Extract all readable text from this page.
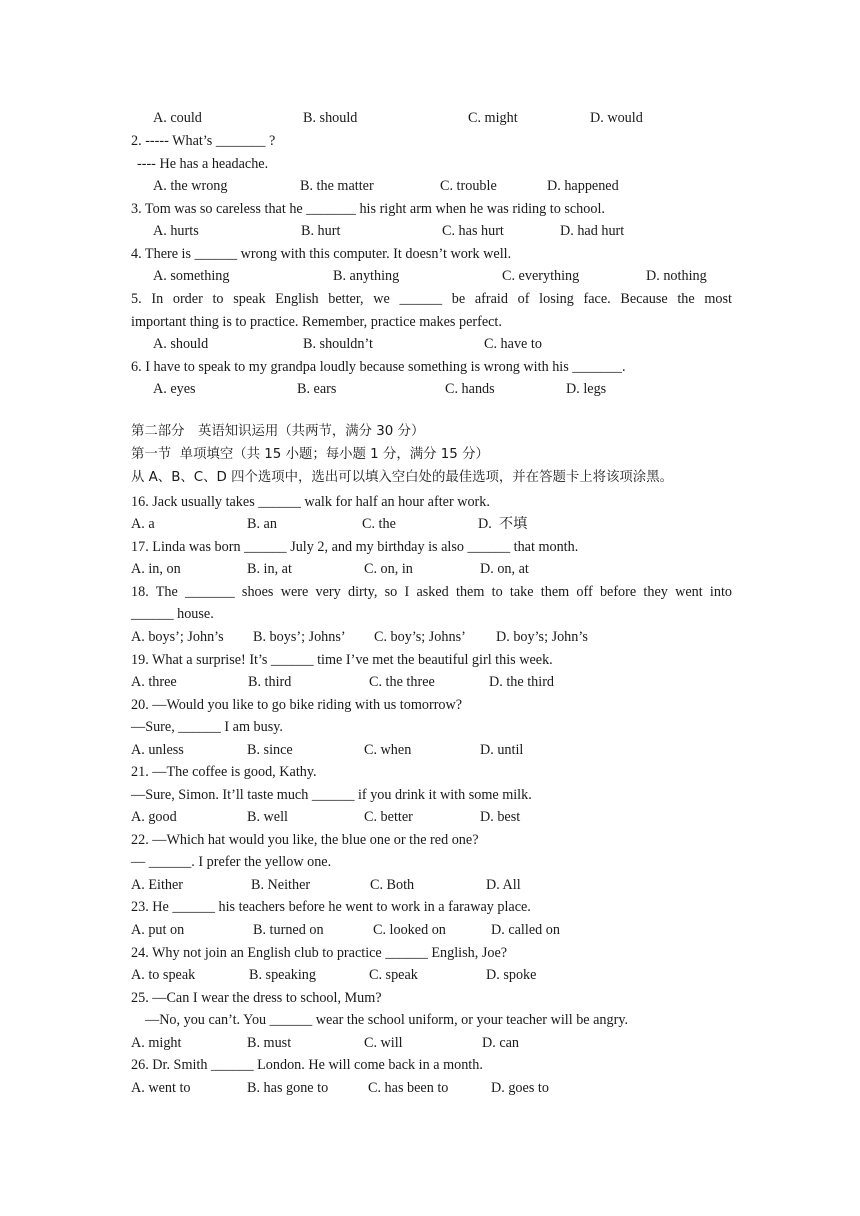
A. could	B. should	C. might	D. would
2. ----- What’s _______ ?
---- He has a headache.
A. the wrong	B. the matter	C. trouble	D. happened
3. Tom was so careless that he _______ his right arm when he was riding to school.
A. hurts	B. hurt	C. has hurt	D. had hurt
4. There is ______ wrong with this computer. It doesn’t work well.
A. something	B. anything	C. everything	D. nothing
5. In order to speak English better, we ______ be afraid of losing face. Because the most
important thing is to practice. Remember, practice makes perfect.
A. should	B. shouldn’t	C. have to
6. I have to speak to my grandpa loudly because something is wrong with his _______.
A. eyes	B. ears	C. hands	D. legs
第二部分　英语知识运用（共两节，满分 30 分）
第一节  单项填空（共 15 小题；每小题 1 分，满分 15 分）
从 A、B、C、D 四个选项中，选出可以填入空白处的最佳选项，并在答题卡上将该项涂黑。
16. Jack usually takes ______ walk for half an hour after work.
A. a	B. an	C. the	D.  不填
17. Linda was born ______ July 2, and my birthday is also ______ that month.
A. in, on	B. in, at	C. on, in	D. on, at
18. The _______ shoes were very dirty, so I asked them to take them off before they went into
______ house.
A. boys’; John’s B. boys’; Johns’ C. boy’s; Johns’ D. boy’s; John’s
19. What a surprise! It’s ______ time I’ve met the beautiful girl this week.
A. three	B. third	C. the three	D. the third
20. —Would you like to go bike riding with us tomorrow?
—Sure, ______ I am busy.
A. unless	B. since	C. when	D. until
21. —The coffee is good, Kathy.
—Sure, Simon. It’ll taste much ______ if you drink it with some milk.
A. good	B. well	C. better	D. best
22. —Which hat would you like, the blue one or the red one?
— ______. I prefer the yellow one.
A. Either	B. Neither	C. Both	D. All
23. He ______ his teachers before he went to work in a faraway place.
A. put on	B. turned on	C. looked on	D. called on
24. Why not join an English club to practice ______ English, Joe?
A. to speak	B. speaking	C. speak	D. spoke
25. —Can I wear the dress to school, Mum?
—No, you can’t. You ______ wear the school uniform, or your teacher will be angry.
A. might	B. must	C. will	D. can
26. Dr. Smith ______ London. He will come back in a month.
A. went to	B. has gone to	C. has been to	D. goes to
